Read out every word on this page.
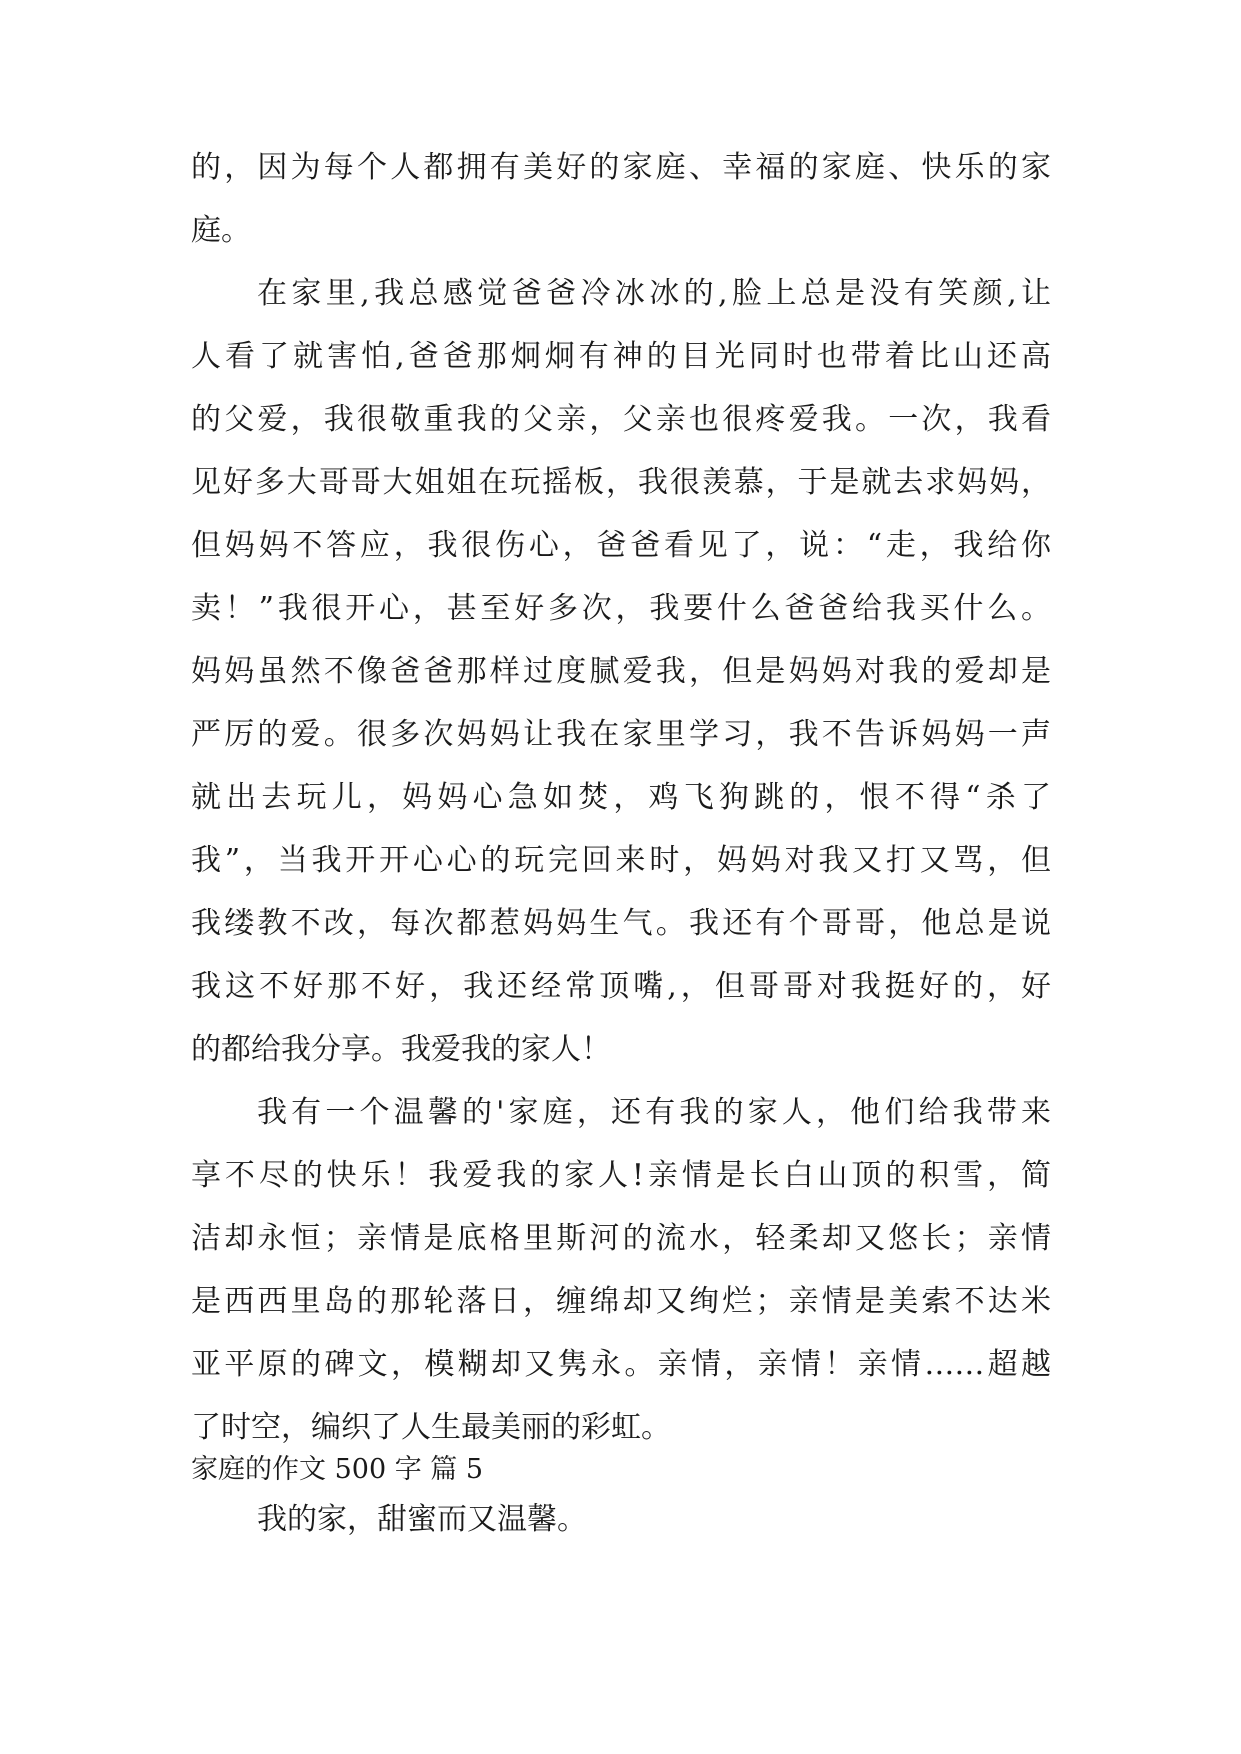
的，因为每个人都拥有美好的家庭、幸福的家庭、快乐的家
庭。
在家里,我总感觉爸爸冷冰冰的,脸上总是没有笑颜,让
人看了就害怕,爸爸那炯炯有神的目光同时也带着比山还高
的父爱，我很敬重我的父亲，父亲也很疼爱我。一次，我看
见好多大哥哥大姐姐在玩摇板，我很羡慕，于是就去求妈妈，
但妈妈不答应，我很伤心，爸爸看见了，说：“走，我给你
卖！”我很开心，甚至好多次，我要什么爸爸给我买什么。
妈妈虽然不像爸爸那样过度腻爱我，但是妈妈对我的爱却是
严厉的爱。很多次妈妈让我在家里学习，我不告诉妈妈一声
就出去玩儿，妈妈心急如焚，鸡飞狗跳的，恨不得“杀了
我”，当我开开心心的玩完回来时，妈妈对我又打又骂，但
我缕教不改，每次都惹妈妈生气。我还有个哥哥，他总是说
我这不好那不好，我还经常顶嘴,，但哥哥对我挺好的，好
的都给我分享。我爱我的家人！
我有一个温馨的'家庭，还有我的家人，他们给我带来
享不尽的快乐！我爱我的家人!亲情是长白山顶的积雪，简
洁却永恒；亲情是底格里斯河的流水，轻柔却又悠长；亲情
是西西里岛的那轮落日，缠绵却又绚烂；亲情是美索不达米
亚平原的碑文，模糊却又隽永。亲情，亲情！亲情……超越
了时空，编织了人生最美丽的彩虹。
家庭的作文 500 字 篇 5
我的家，甜蜜而又温馨。
